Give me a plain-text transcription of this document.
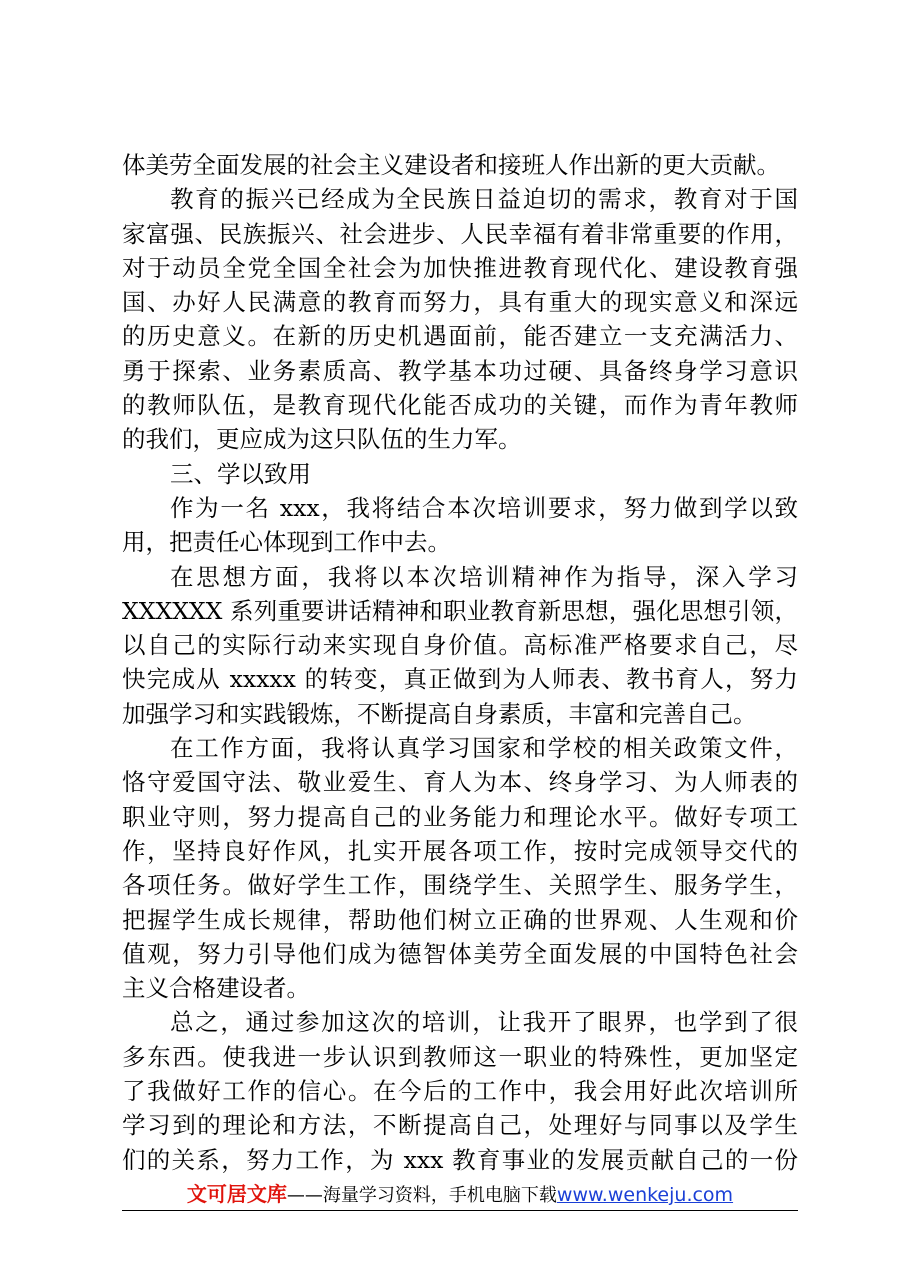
体美劳全面发展的社会主义建设者和接班人作出新的更大贡献。
教育的振兴已经成为全民族日益迫切的需求，教育对于国
家富强、民族振兴、社会进步、人民幸福有着非常重要的作用，
对于动员全党全国全社会为加快推进教育现代化、建设教育强
国、办好人民满意的教育而努力，具有重大的现实意义和深远
的历史意义。在新的历史机遇面前，能否建立一支充满活力、
勇于探索、业务素质高、教学基本功过硬、具备终身学习意识
的教师队伍，是教育现代化能否成功的关键，而作为青年教师
的我们，更应成为这只队伍的生力军。
三、学以致用
作为一名 xxx，我将结合本次培训要求，努力做到学以致
用，把责任心体现到工作中去。
在思想方面，我将以本次培训精神作为指导，深入学习
XXXXXX 系列重要讲话精神和职业教育新思想，强化思想引领，
以自己的实际行动来实现自身价值。高标准严格要求自己，尽
快完成从 xxxxx 的转变，真正做到为人师表、教书育人，努力
加强学习和实践锻炼，不断提高自身素质，丰富和完善自己。
在工作方面，我将认真学习国家和学校的相关政策文件，
恪守爱国守法、敬业爱生、育人为本、终身学习、为人师表的
职业守则，努力提高自己的业务能力和理论水平。做好专项工
作，坚持良好作风，扎实开展各项工作，按时完成领导交代的
各项任务。做好学生工作，围绕学生、关照学生、服务学生，
把握学生成长规律，帮助他们树立正确的世界观、人生观和价
值观，努力引导他们成为德智体美劳全面发展的中国特色社会
主义合格建设者。
总之，通过参加这次的培训，让我开了眼界，也学到了很
多东西。使我进一步认识到教师这一职业的特殊性，更加坚定
了我做好工作的信心。在今后的工作中，我会用好此次培训所
学习到的理论和方法，不断提高自己，处理好与同事以及学生
们的关系，努力工作，为 xxx 教育事业的发展贡献自己的一份
文可居文库——海量学习资料，手机电脑下载www.wenkeju.com
